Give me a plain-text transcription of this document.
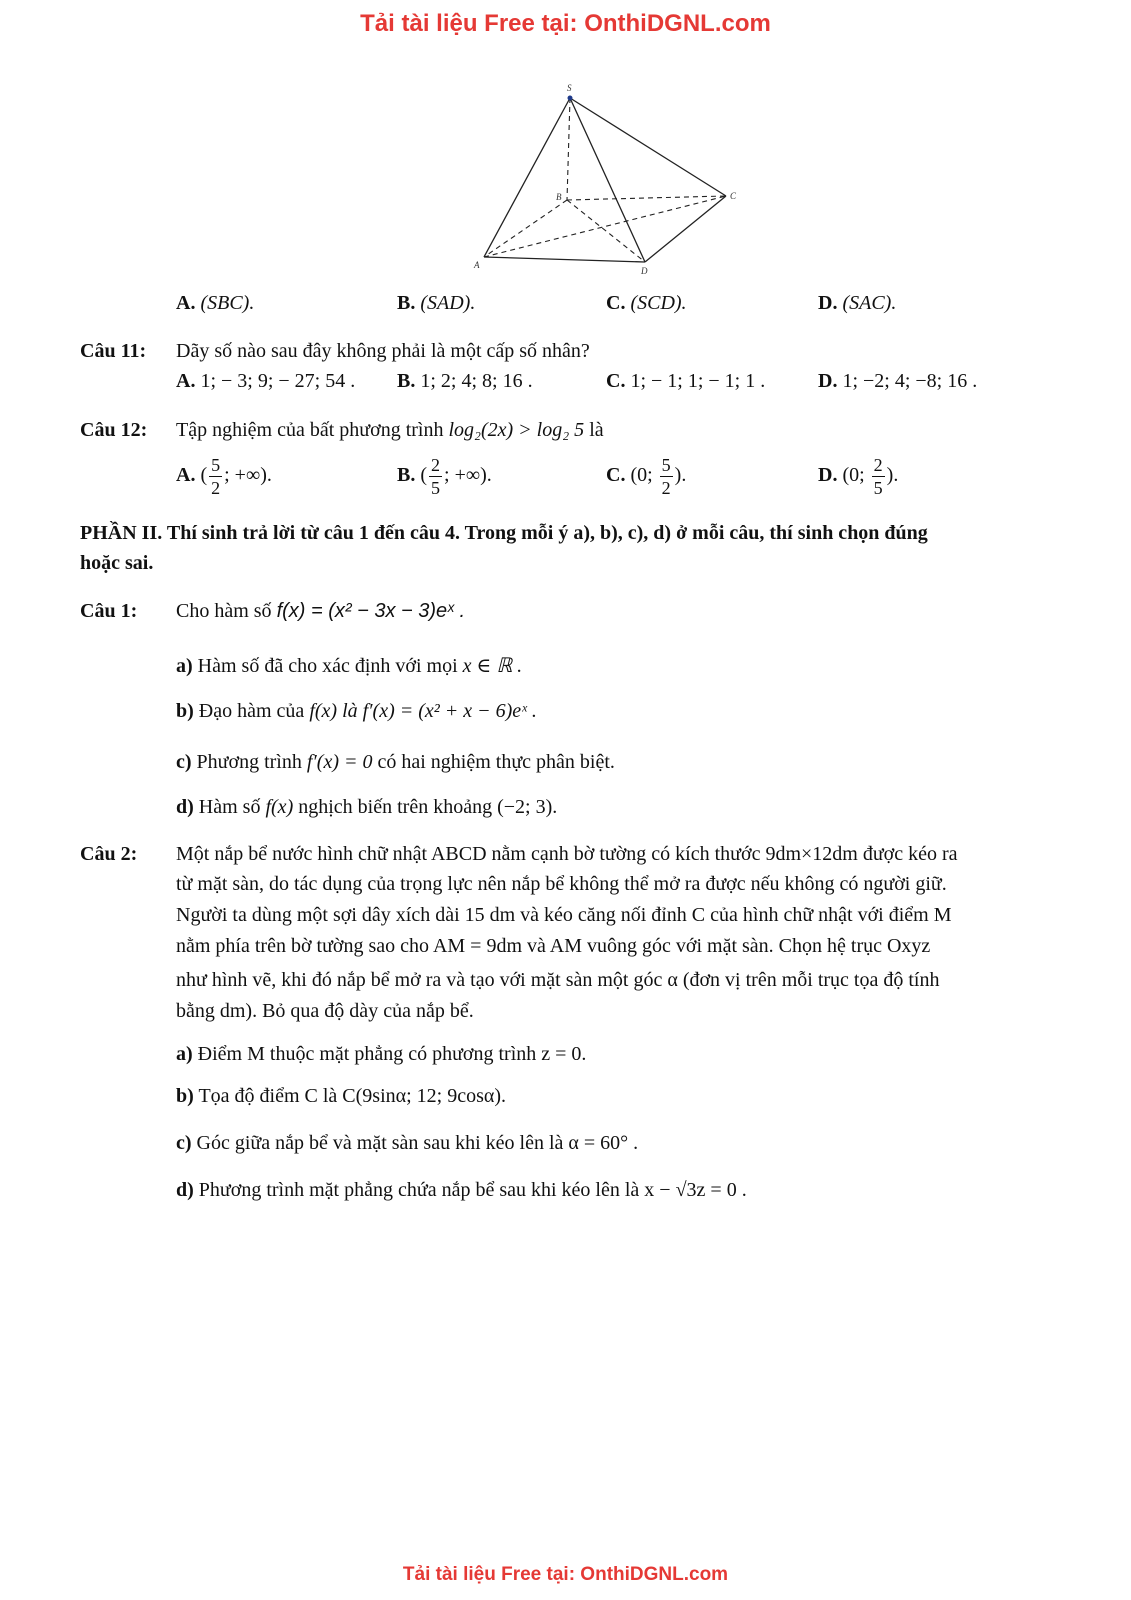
Tải tài liệu Free tại: OnthiDGNL.com
S
B	C
A
D
A. (SBC).	B. (SAD).	C. (SCD).	D. (SAC).
Câu 11: Dãy số nào sau đây không phải là một cấp số nhân?
A. 1; − 3; 9; − 27; 54 . B. 1; 2; 4; 8; 16 .	C. 1; − 1; 1; − 1; 1 .	D. 1; −2; 4; −8; 16 .
Câu 12: Tập nghiệm của bất phương trình log₂(2x) > log₂ 5 là
A. ( $\frac{5}{2}$ ; +∞).	B. ( $\frac{2}{5}$ ; +∞).	C. (0; $\frac{5}{2}$ ).	D. (0; $\frac{2}{5}$ ).
PHẦN II. Thí sinh trả lời từ câu 1 đến câu 4. Trong mỗi ý a), b), c), d) ở mỗi câu, thí sinh chọn đúng
hoặc sai.
Câu 1: Cho hàm số f(x) = (x² − 3x − 3)eˣ .
a) Hàm số đã cho xác định với mọi x ∈ ℝ .
b) Đạo hàm của f(x) là f′(x) = (x² + x − 6)eˣ .
c) Phương trình f′(x) = 0 có hai nghiệm thực phân biệt.
d) Hàm số f(x) nghịch biến trên khoảng (−2; 3).
Câu 2: Một nắp bể nước hình chữ nhật ABCD nằm cạnh bờ tường có kích thước 9dm×12dm được kéo ra
từ mặt sàn, do tác dụng của trọng lực nên nắp bể không thể mở ra được nếu không có người giữ.
Người ta dùng một sợi dây xích dài 15 dm và kéo căng nối đỉnh C của hình chữ nhật với điểm M
nằm phía trên bờ tường sao cho AM = 9dm và AM vuông góc với mặt sàn. Chọn hệ trục Oxyz
như hình vẽ, khi đó nắp bể mở ra và tạo với mặt sàn một góc α (đơn vị trên mỗi trục tọa độ tính
bằng dm). Bỏ qua độ dày của nắp bể.
a) Điểm M thuộc mặt phẳng có phương trình z = 0.
b) Tọa độ điểm C là C(9sinα; 12; 9cosα).
c) Góc giữa nắp bể và mặt sàn sau khi kéo lên là α = 60° .
d) Phương trình mặt phẳng chứa nắp bể sau khi kéo lên là x − √3z = 0 .
Tải tài liệu Free tại: OnthiDGNL.com
